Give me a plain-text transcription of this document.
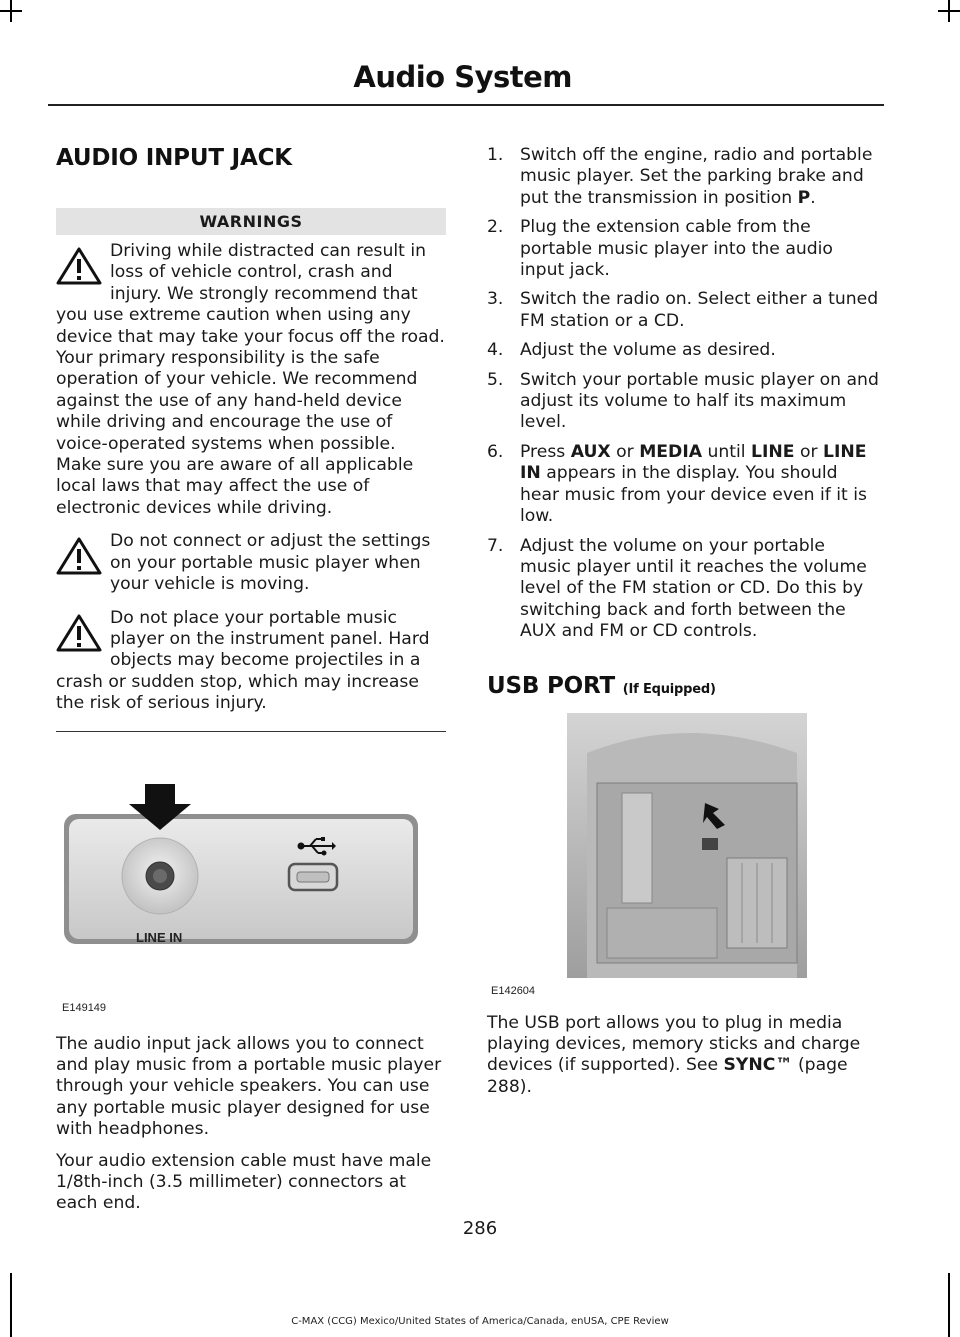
Audio System
AUDIO INPUT JACK
WARNINGS
Driving while distracted can result in loss of vehicle control, crash and injury. We strongly recommend that you use extreme caution when using any device that may take your focus off the road. Your primary responsibility is the safe operation of your vehicle. We recommend against the use of any hand-held device while driving and encourage the use of voice-operated systems when possible. Make sure you are aware of all applicable local laws that may affect the use of electronic devices while driving.
Do not connect or adjust the settings on your portable music player when your vehicle is moving.
Do not place your portable music player on the instrument panel. Hard objects may become projectiles in a crash or sudden stop, which may increase the risk of serious injury.
LINE IN
E149149

The audio input jack allows you to connect and play music from a portable music player through your vehicle speakers. You can use any portable music player designed for use with headphones.

Your audio extension cable must have male 1/8th-inch (3.5 millimeter) connectors at each end.

1. Switch off the engine, radio and portable music player. Set the parking brake and put the transmission in position P.
2. Plug the extension cable from the portable music player into the audio input jack.
3. Switch the radio on. Select either a tuned FM station or a CD.
4. Adjust the volume as desired.
5. Switch your portable music player on and adjust its volume to half its maximum level.
6. Press AUX or MEDIA until LINE or LINE IN appears in the display. You should hear music from your device even if it is low.
7. Adjust the volume on your portable music player until it reaches the volume level of the FM station or CD. Do this by switching back and forth between the AUX and FM or CD controls.
USB PORT (If Equipped)
E142604

The USB port allows you to plug in media playing devices, memory sticks and charge devices (if supported). See SYNC™ (page 288).

286
C-MAX (CCG) Mexico/United States of America/Canada, enUSA, CPE Review
